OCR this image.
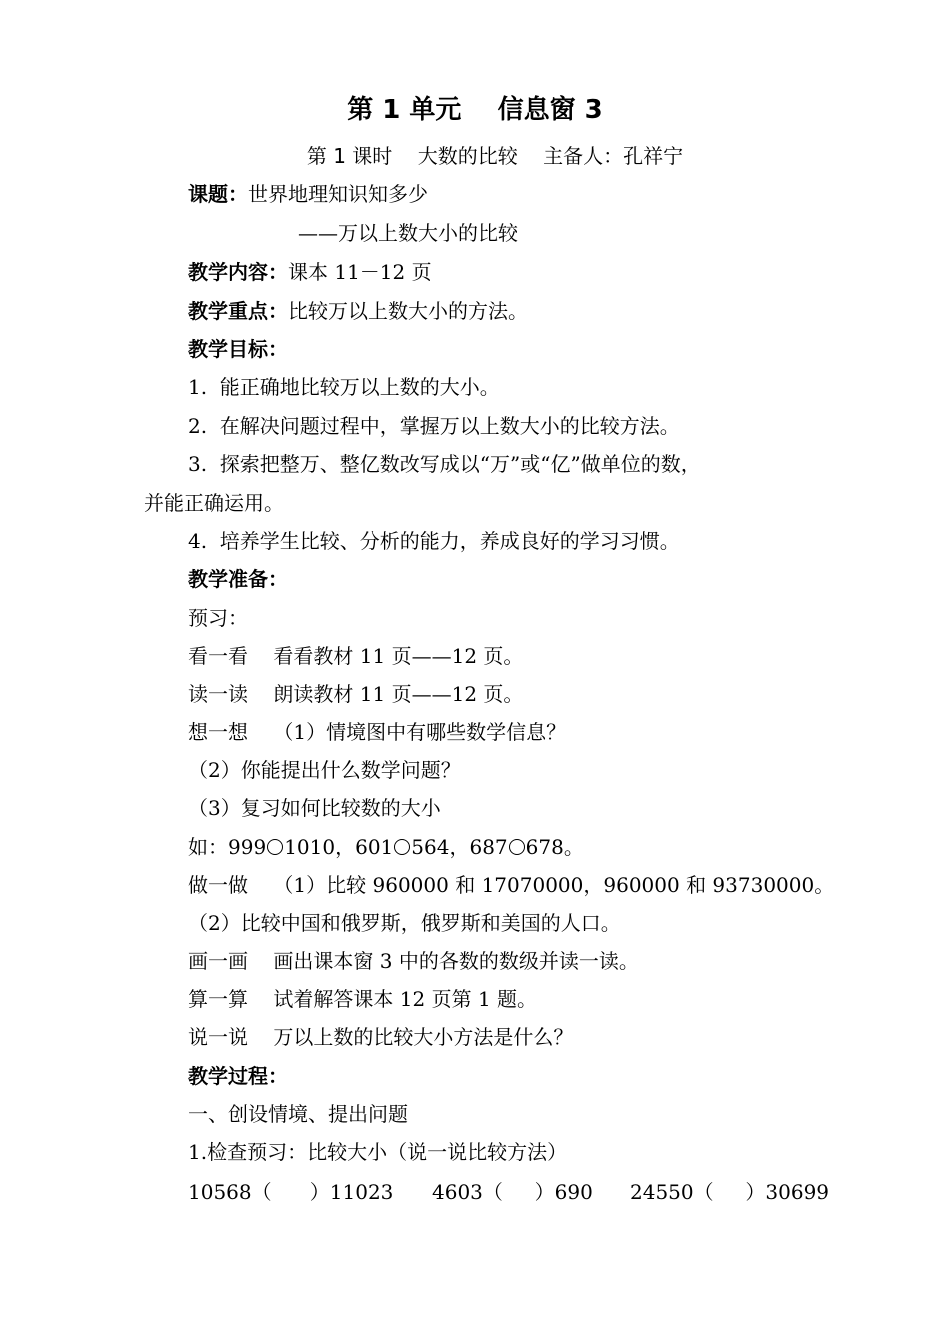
第 1 单元    信息窗 3
第 1 课时    大数的比较    主备人：孔祥宁
课题：世界地理知识知多少
——万以上数大小的比较
教学内容：课本 11－12 页
教学重点：比较万以上数大小的方法。
教学目标：
1.  能正确地比较万以上数的大小。
2.  在解决问题过程中，掌握万以上数大小的比较方法。
3.  探索把整万、整亿数改写成以“万”或“亿”做单位的数，
并能正确运用。
4.  培养学生比较、分析的能力，养成良好的学习习惯。
教学准备：
预习：
看一看    看看教材 11 页——12 页。
读一读    朗读教材 11 页——12 页。
想一想    （1）情境图中有哪些数学信息？
（2）你能提出什么数学问题？
（3）复习如何比较数的大小
如：999 1010，601 564，687 678。
做一做    （1）比较 960000 和 17070000，960000 和 93730000。
（2）比较中国和俄罗斯，俄罗斯和美国的人口。
画一画    画出课本窗 3 中的各数的数级并读一读。
算一算    试着解答课本 12 页第 1 题。
说一说    万以上数的比较大小方法是什么？
教学过程：
一、创设情境、提出问题
1.检查预习：比较大小（说一说比较方法）

10568（      ）11023

4603（     ）690

24550（     ）30699
